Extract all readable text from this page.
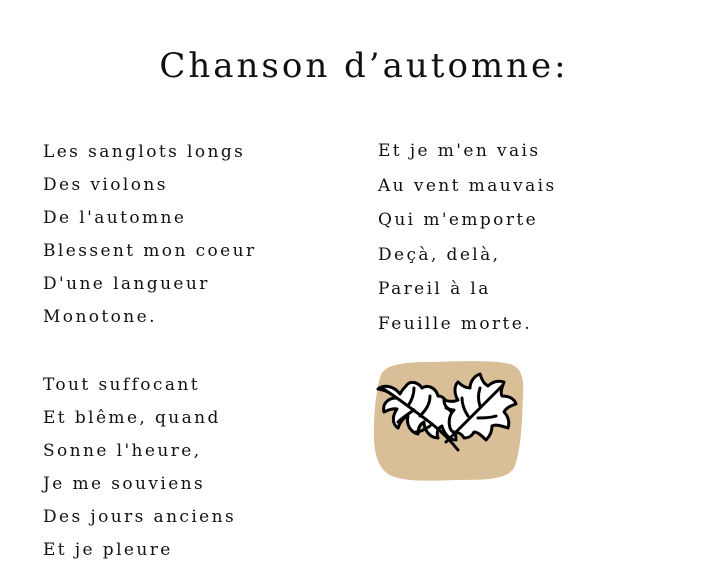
Chanson d’automne:
Les sanglots longs
Des violons
De l'automne
Blessent mon coeur
D'une langueur
Monotone.
Tout suffocant
Et blême, quand
Sonne l'heure,
Je me souviens
Des jours anciens
Et je pleure
Et je m'en vais
Au vent mauvais
Qui m'emporte
Deçà, delà,
Pareil à la
Feuille morte.
